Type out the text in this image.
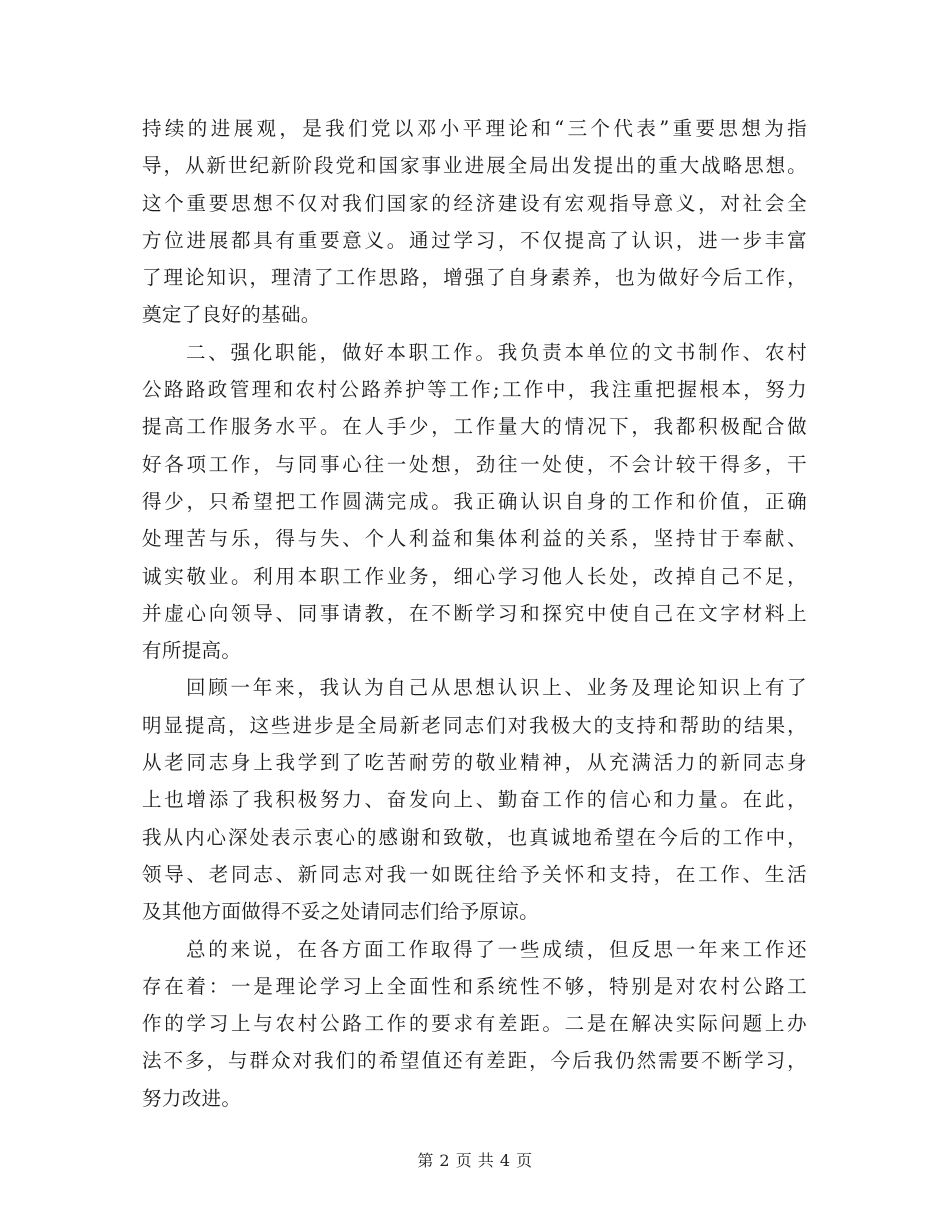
持续的进展观，是我们党以邓小平理论和“三个代表”重要思想为指
导，从新世纪新阶段党和国家事业进展全局出发提出的重大战略思想。
这个重要思想不仅对我们国家的经济建设有宏观指导意义，对社会全
方位进展都具有重要意义。通过学习，不仅提高了认识，进一步丰富
了理论知识，理清了工作思路，增强了自身素养，也为做好今后工作，
奠定了良好的基础。
二、强化职能，做好本职工作。我负责本单位的文书制作、农村
公路路政管理和农村公路养护等工作;工作中，我注重把握根本，努力
提高工作服务水平。在人手少，工作量大的情况下，我都积极配合做
好各项工作，与同事心往一处想，劲往一处使，不会计较干得多，干
得少，只希望把工作圆满完成。我正确认识自身的工作和价值，正确
处理苦与乐，得与失、个人利益和集体利益的关系，坚持甘于奉献、
诚实敬业。利用本职工作业务，细心学习他人长处，改掉自己不足，
并虚心向领导、同事请教，在不断学习和探究中使自己在文字材料上
有所提高。
回顾一年来，我认为自己从思想认识上、业务及理论知识上有了
明显提高，这些进步是全局新老同志们对我极大的支持和帮助的结果，
从老同志身上我学到了吃苦耐劳的敬业精神，从充满活力的新同志身
上也增添了我积极努力、奋发向上、勤奋工作的信心和力量。在此，
我从内心深处表示衷心的感谢和致敬，也真诚地希望在今后的工作中，
领导、老同志、新同志对我一如既往给予关怀和支持，在工作、生活
及其他方面做得不妥之处请同志们给予原谅。
总的来说，在各方面工作取得了一些成绩，但反思一年来工作还
存在着：一是理论学习上全面性和系统性不够，特别是对农村公路工
作的学习上与农村公路工作的要求有差距。二是在解决实际问题上办
法不多，与群众对我们的希望值还有差距，今后我仍然需要不断学习，
努力改进。
第 2 页 共 4 页
